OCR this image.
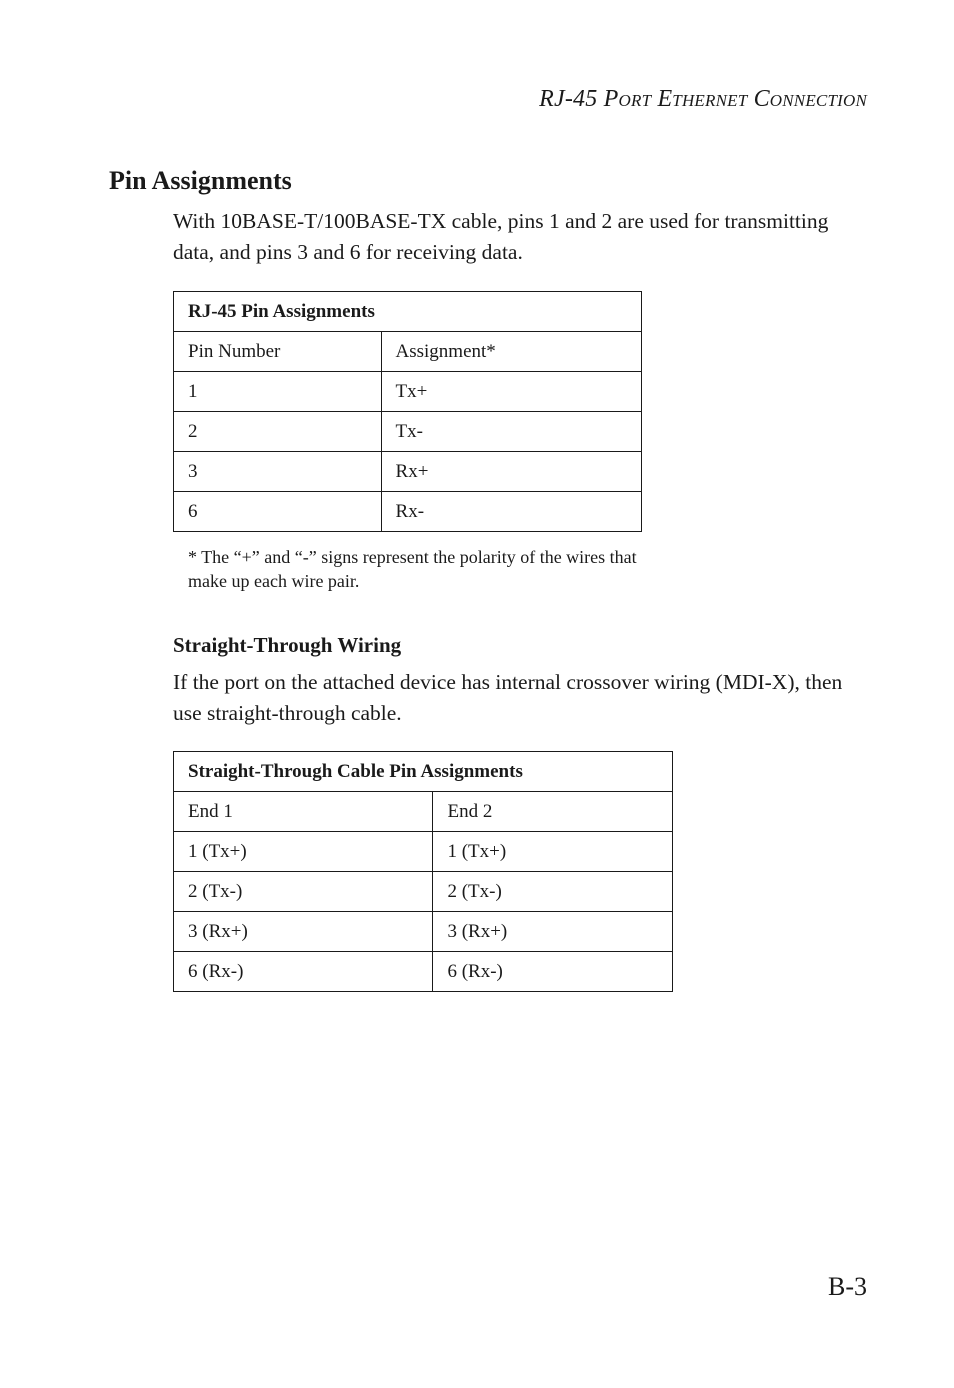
RJ-45 Port Ethernet Connection
Pin Assignments

With 10BASE-T/100BASE-TX cable, pins 1 and 2 are used for transmitting data, and pins 3 and 6 for receiving data.

RJ-45 Pin Assignments	
Pin Number	Assignment*
1	Tx+
2	Tx-
3	Rx+
6	Rx-

* The “+” and “-” signs represent the polarity of the wires that make up each wire pair.

Straight-Through Wiring

If the port on the attached device has internal crossover wiring (MDI-X), then use straight-through cable.

Straight-Through Cable Pin Assignments	
End 1	End 2
1 (Tx+)	1 (Tx+)
2 (Tx-)	2 (Tx-)
3 (Rx+)	3 (Rx+)
6 (Rx-)	6 (Rx-)
B-3
